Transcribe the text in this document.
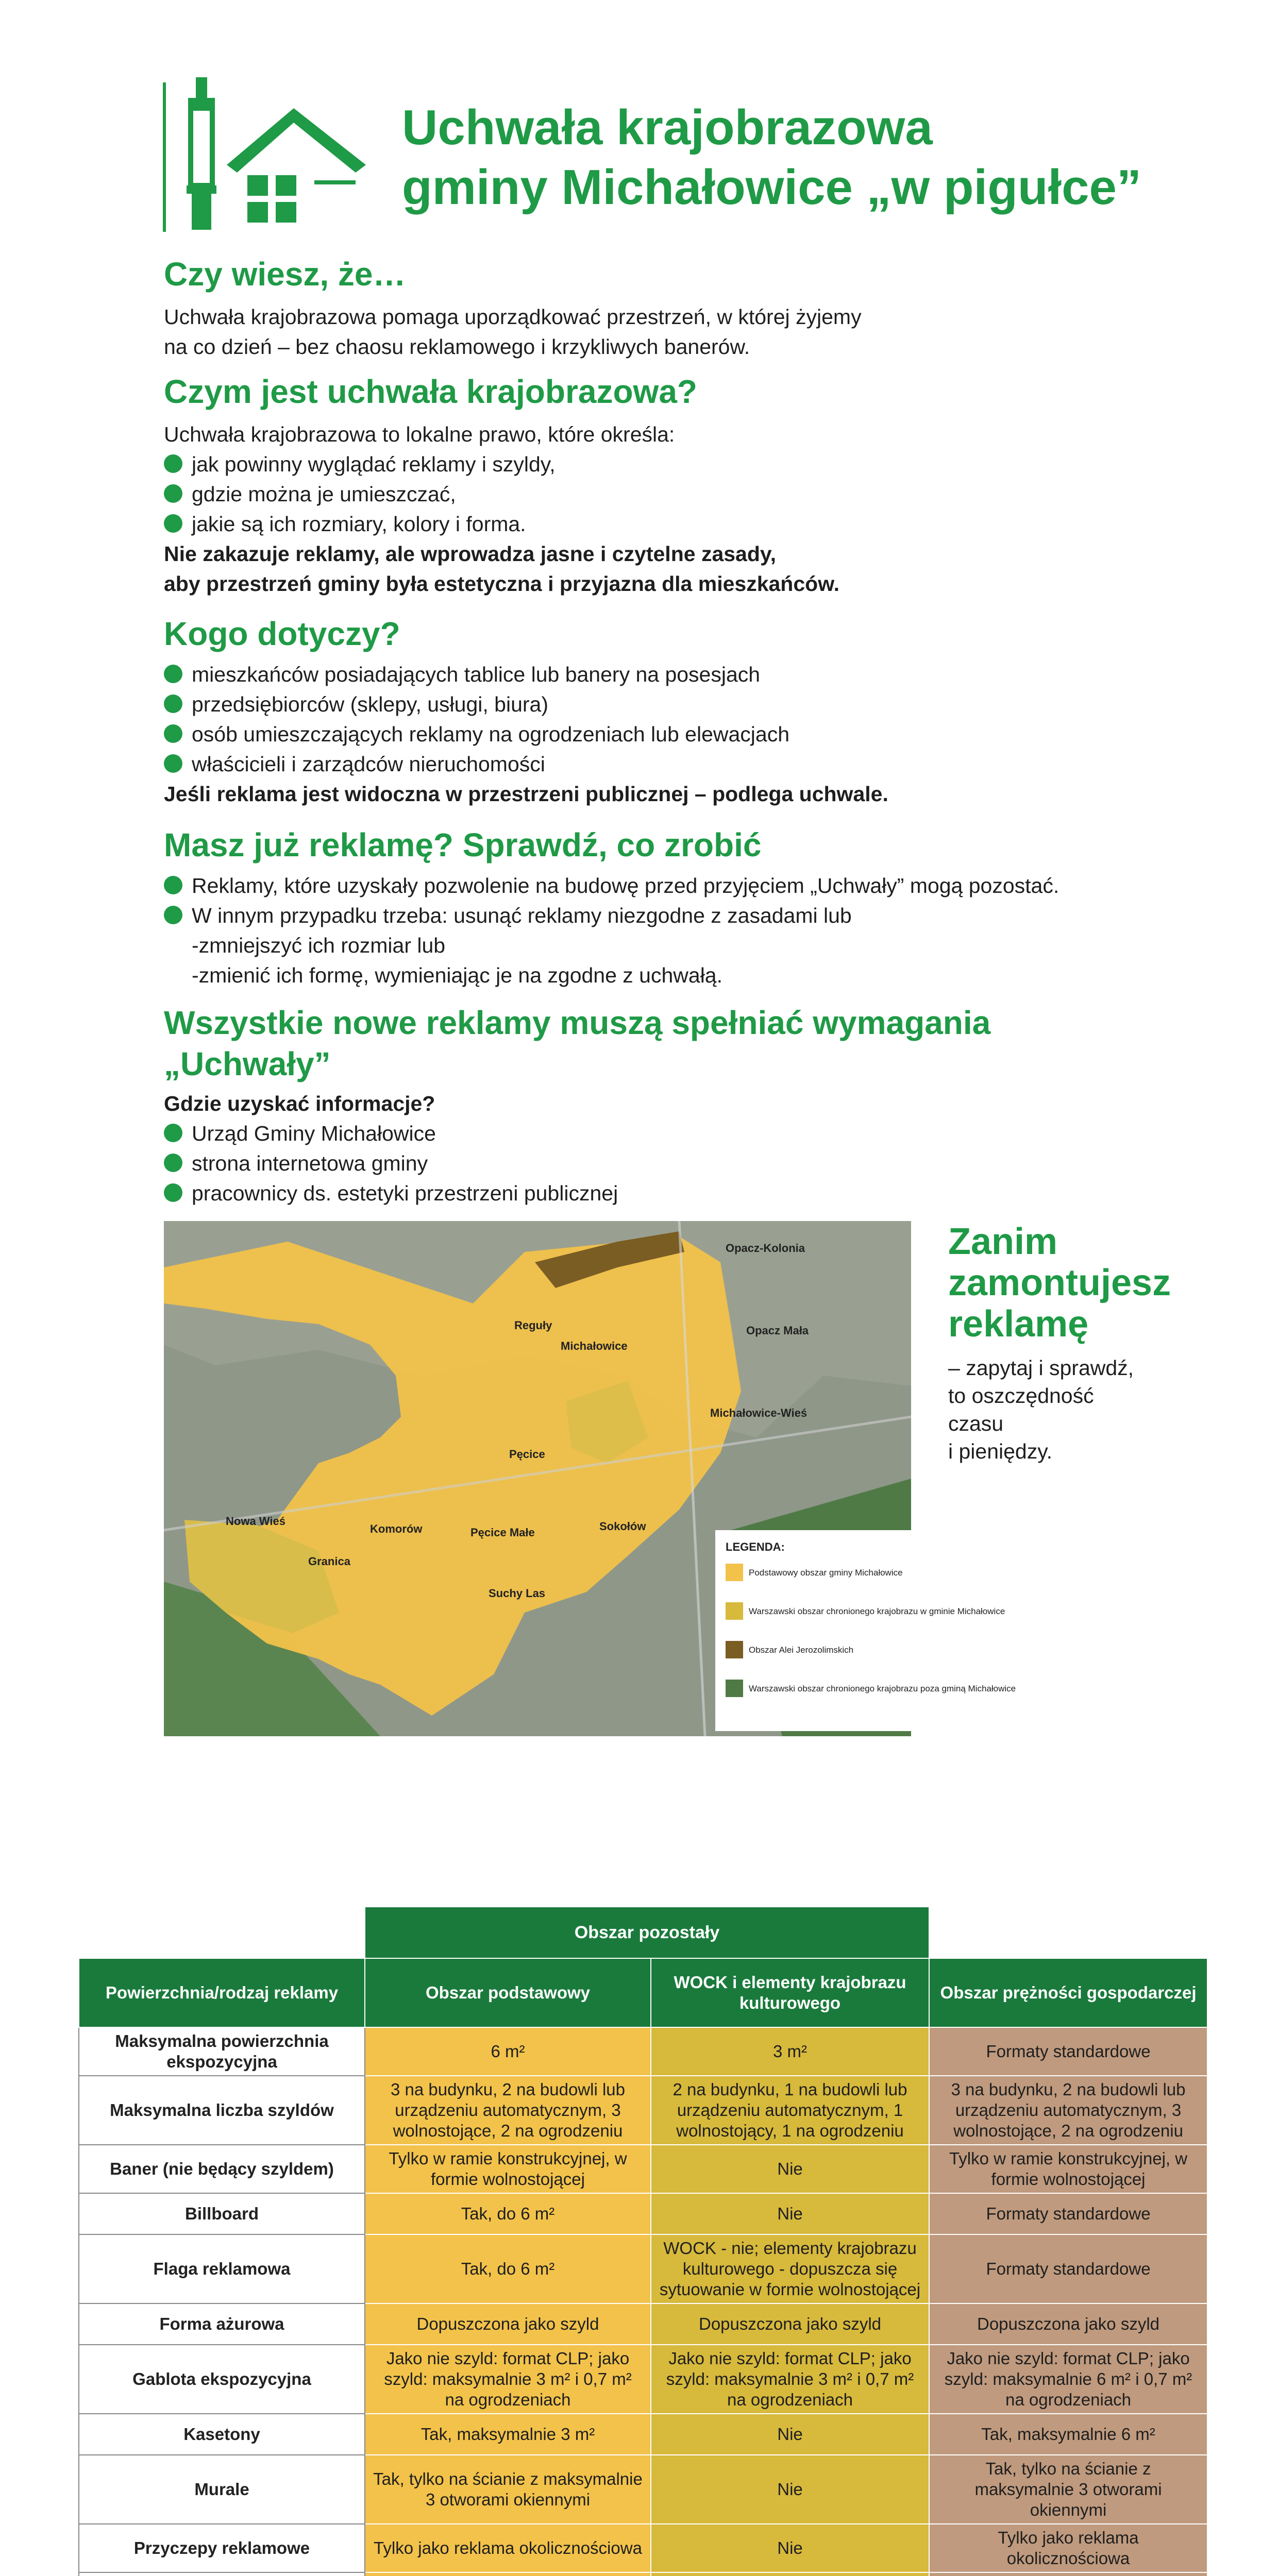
Uchwała krajobrazowa
gminy Michałowice „w pigułce”

Czy wiesz, że…

Uchwała krajobrazowa pomaga uporządkować przestrzeń, w której żyjemy

na co dzień – bez chaosu reklamowego i krzykliwych banerów.

Czym jest uchwała krajobrazowa?

Uchwała krajobrazowa to lokalne prawo, które określa:

jak powinny wyglądać reklamy i szyldy,
gdzie można je umieszczać,
jakie są ich rozmiary, kolory i forma.

Nie zakazuje reklamy, ale wprowadza jasne i czytelne zasady,

aby przestrzeń gminy była estetyczna i przyjazna dla mieszkańców.

Kogo dotyczy?

mieszkańców posiadających tablice lub banery na posesjach
przedsiębiorców (sklepy, usługi, biura)
osób umieszczających reklamy na ogrodzeniach lub elewacjach
właścicieli i zarządców nieruchomości

Jeśli reklama jest widoczna w przestrzeni publicznej – podlega uchwale.

Masz już reklamę? Sprawdź, co zrobić

Reklamy, które uzyskały pozwolenie na budowę przed przyjęciem „Uchwały” mogą pozostać.
W innym przypadku trzeba: usunąć reklamy niezgodne z zasadami lub
-zmniejszyć ich rozmiar lub
-zmienić ich formę, wymieniając je na zgodne z uchwałą.

Wszystkie nowe reklamy muszą spełniać wymagania „Uchwały”

Gdzie uzyskać informacje?

Urząd Gminy Michałowice
strona internetowa gminy
pracownicy ds. estetyki przestrzeni publicznej
Opacz-Kolonia
Reguły
Michałowice
Opacz Mała
Michałowice-Wieś
Pęcice
Nowa Wieś
Komorów	Pęcice Małe	Sokołów
Granica
Suchy Las
LEGENDA:
Podstawowy obszar gminy Michałowice
Warszawski obszar chronionego krajobrazu w gminie Michałowice
Obszar Alei Jerozolimskich
Warszawski obszar chronionego krajobrazu poza gminą Michałowice
Zanim
zamontujesz
reklamę
– zapytaj i sprawdź,
to oszczędność czasu
i pieniędzy.
	Obszar pozostały		
Powierzchnia/rodzaj reklamy	Obszar podstawowy	WOCK i elementy krajobrazu kulturowego	Obszar prężności gospodarczej
Maksymalna powierzchnia ekspozycyjna	6 m²	3 m²	Formaty standardowe
Maksymalna liczba szyldów	3 na budynku, 2 na budowli lub urządzeniu automatycznym, 3 wolnostojące, 2 na ogrodzeniu	2 na budynku, 1 na budowli lub urządzeniu automatycznym, 1 wolnostojący, 1 na ogrodzeniu	3 na budynku, 2 na budowli lub urządzeniu automatycznym, 3 wolnostojące, 2 na ogrodzeniu
Baner (nie będący szyldem)	Tylko w ramie konstrukcyjnej, w formie wolnostojącej	Nie	Tylko w ramie konstrukcyjnej, w formie wolnostojącej
Billboard	Tak, do 6 m²	Nie	Formaty standardowe
Flaga reklamowa	Tak, do 6 m²	WOCK - nie; elementy krajobrazu kulturowego - dopuszcza się sytuowanie w formie wolnostojącej	Formaty standardowe
Forma ażurowa	Dopuszczona jako szyld	Dopuszczona jako szyld	Dopuszczona jako szyld
Gablota ekspozycyjna	Jako nie szyld: format CLP; jako szyld: maksymalnie 3 m² i 0,7 m² na ogrodzeniach	Jako nie szyld: format CLP; jako szyld: maksymalnie 3 m² i 0,7 m² na ogrodzeniach	Jako nie szyld: format CLP; jako szyld: maksymalnie 6 m² i 0,7 m² na ogrodzeniach
Kasetony	Tak, maksymalnie 3 m²	Nie	Tak, maksymalnie 6 m²
Murale	Tak, tylko na ścianie z maksymalnie 3 otworami okiennymi	Nie	Tak, tylko na ścianie z maksymalnie 3 otworami okiennymi
Przyczepy reklamowe	Tylko jako reklama okolicznościowa	Nie	Tylko jako reklama okolicznościowa
